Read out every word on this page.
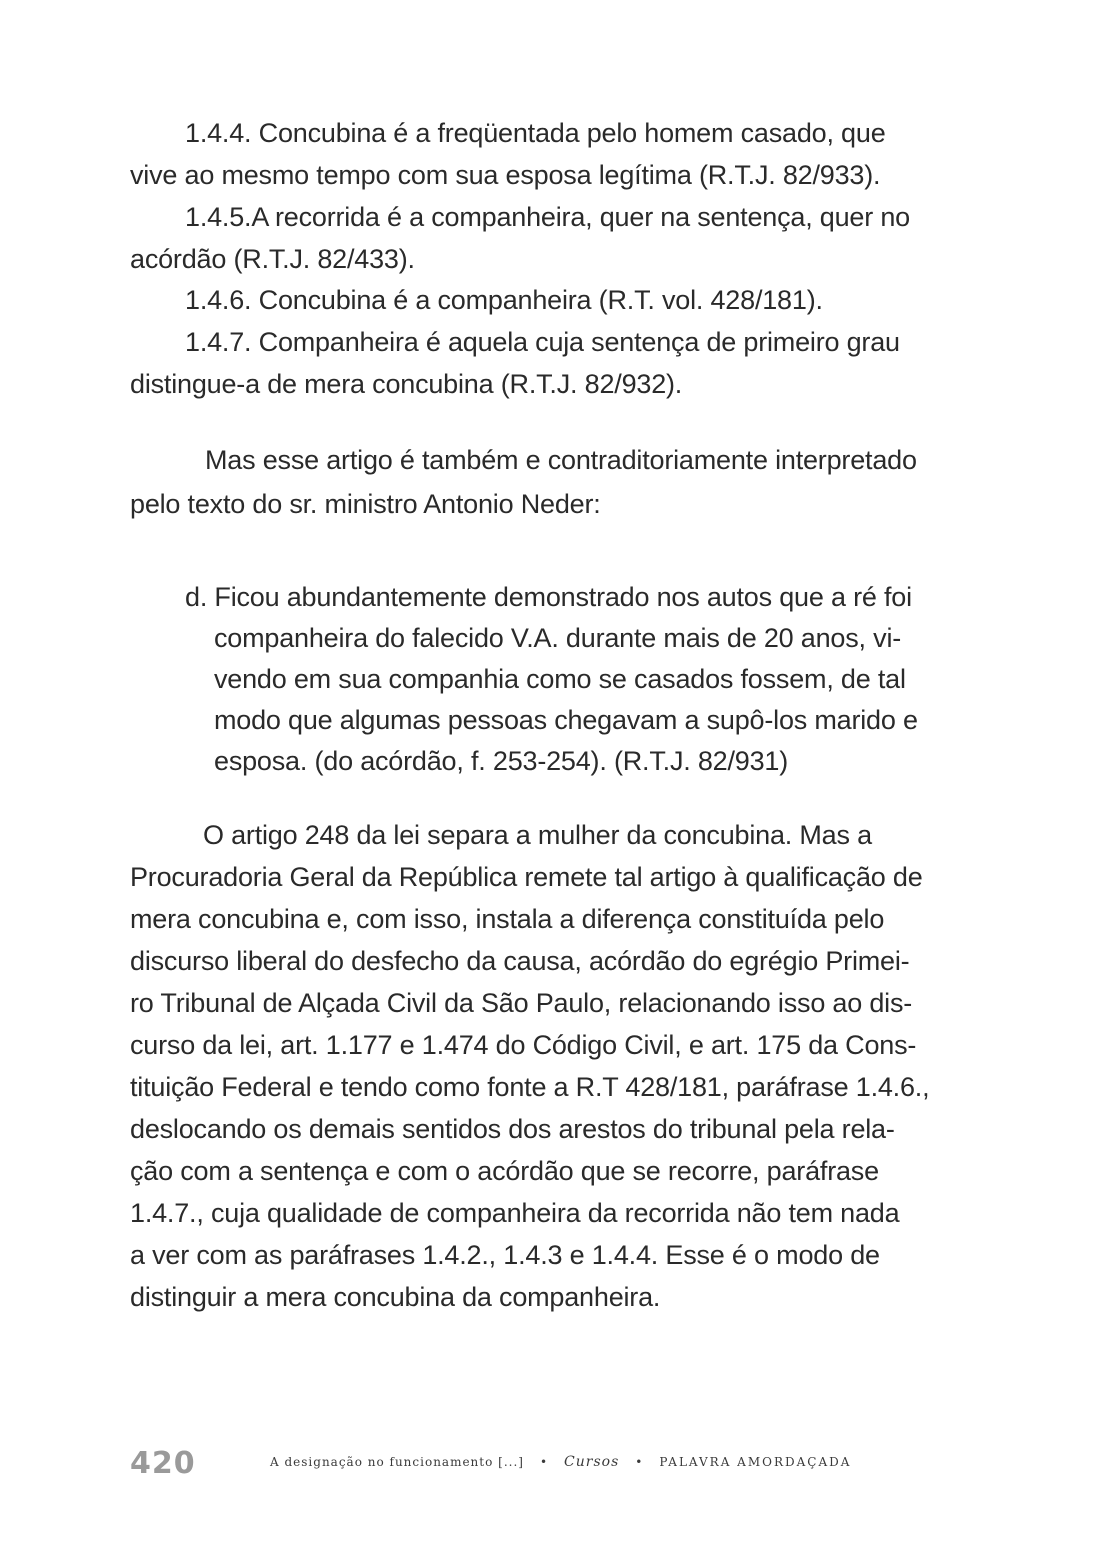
1.4.4. Concubina é a freqüentada pelo homem casado, que
vive ao mesmo tempo com sua esposa legítima (R.T.J. 82/933).
1.4.5.A recorrida é a companheira, quer na sentença, quer no
acórdão (R.T.J. 82/433).
1.4.6. Concubina é a companheira (R.T. vol. 428/181).
1.4.7. Companheira é aquela cuja sentença de primeiro grau
distingue-a de mera concubina (R.T.J. 82/932).
Mas esse artigo é também e contraditoriamente interpretado
pelo texto do sr. ministro Antonio Neder:
d. Ficou abundantemente demonstrado nos autos que a ré foi
companheira do falecido V.A. durante mais de 20 anos, vi-
vendo em sua companhia como se casados fossem, de tal
modo que algumas pessoas chegavam a supô-los marido e
esposa. (do acórdão, f. 253-254). (R.T.J. 82/931)
O artigo 248 da lei separa a mulher da concubina. Mas a
Procuradoria Geral da República remete tal artigo à qualificação de
mera concubina e, com isso, instala a diferença constituída pelo
discurso liberal do desfecho da causa, acórdão do egrégio Primei-
ro Tribunal de Alçada Civil da São Paulo, relacionando isso ao dis-
curso da lei, art. 1.177 e 1.474 do Código Civil, e art. 175 da Cons-
tituição Federal e tendo como fonte a R.T 428/181, paráfrase 1.4.6.,
deslocando os demais sentidos dos arestos do tribunal pela rela-
ção com a sentença e com o acórdão que se recorre, paráfrase
1.4.7., cuja qualidade de companheira da recorrida não tem nada
a ver com as paráfrases 1.4.2., 1.4.3 e 1.4.4. Esse é o modo de
distinguir a mera concubina da companheira.
420	A designação no funcionamento [...] • Cursos • PALAVRA AMORDAÇADA
